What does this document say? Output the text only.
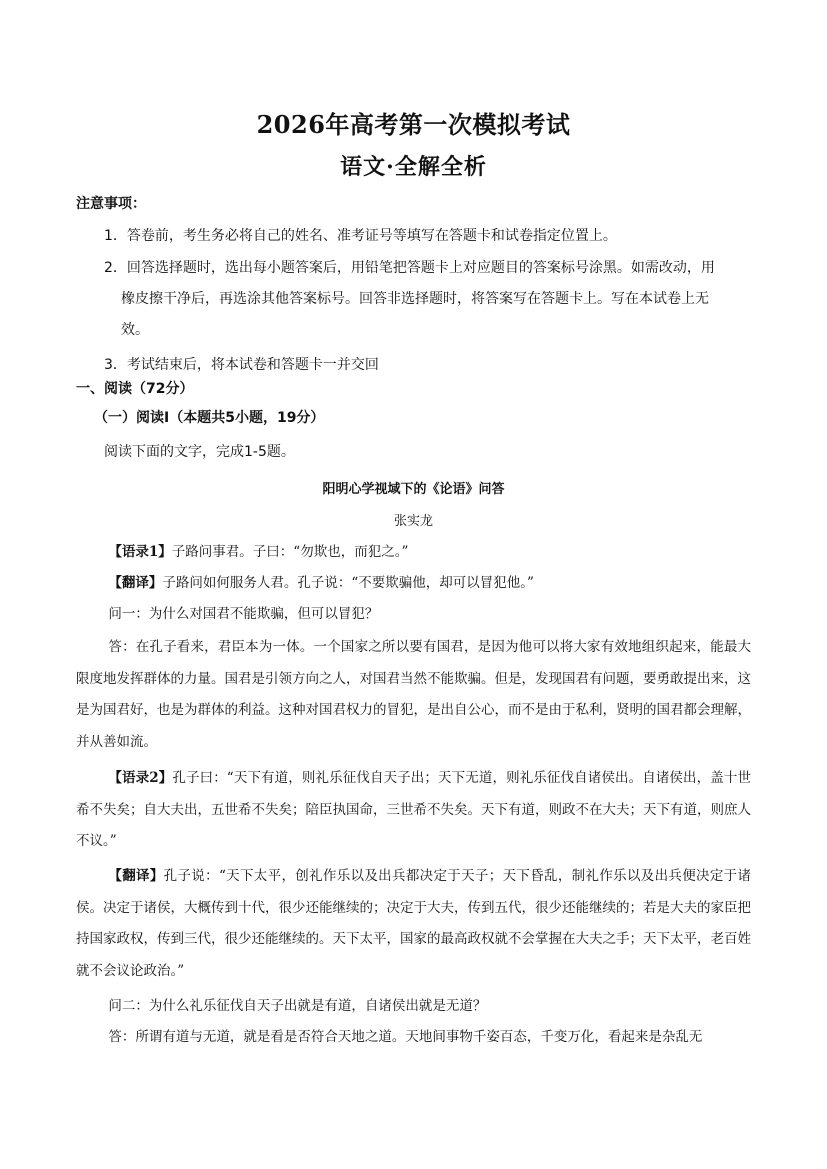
2026年高考第一次模拟考试
语文·全解全析
注意事项：
1．答卷前，考生务必将自己的姓名、准考证号等填写在答题卡和试卷指定位置上。
2．回答选择题时，选出每小题答案后，用铅笔把答题卡上对应题目的答案标号涂黑。如需改动，用
橡皮擦干净后，再选涂其他答案标号。回答非选择题时，将答案写在答题卡上。写在本试卷上无
效。
3．考试结束后，将本试卷和答题卡一并交回
一、阅读（72分）
（一）阅读Ⅰ（本题共5小题，19分）
阅读下面的文字，完成1-5题。
阳明心学视域下的《论语》问答
张实龙

【语录1】子路问事君。子曰：“勿欺也，而犯之。”

【翻译】子路问如何服务人君。孔子说：“不要欺骗他，却可以冒犯他。”

问一：为什么对国君不能欺骗，但可以冒犯？

答：在孔子看来，君臣本为一体。一个国家之所以要有国君，是因为他可以将大家有效地组织起来，能最大限度地发挥群体的力量。国君是引领方向之人，对国君当然不能欺骗。但是，发现国君有问题，要勇敢提出来，这是为国君好，也是为群体的利益。这种对国君权力的冒犯，是出自公心，而不是由于私利，贤明的国君都会理解，并从善如流。

【语录2】孔子曰：“天下有道，则礼乐征伐自天子出；天下无道，则礼乐征伐自诸侯出。自诸侯出，盖十世希不失矣；自大夫出，五世希不失矣；陪臣执国命，三世希不失矣。天下有道，则政不在大夫；天下有道，则庶人不议。”

【翻译】孔子说：“天下太平，创礼作乐以及出兵都决定于天子；天下昏乱，制礼作乐以及出兵便决定于诸侯。决定于诸侯，大概传到十代，很少还能继续的；决定于大夫，传到五代，很少还能继续的；若是大夫的家臣把持国家政权，传到三代，很少还能继续的。天下太平，国家的最高政权就不会掌握在大夫之手；天下太平，老百姓就不会议论政治。”

问二：为什么礼乐征伐自天子出就是有道，自诸侯出就是无道？

答：所谓有道与无道，就是看是否符合天地之道。天地间事物千姿百态，千变万化，看起来是杂乱无
